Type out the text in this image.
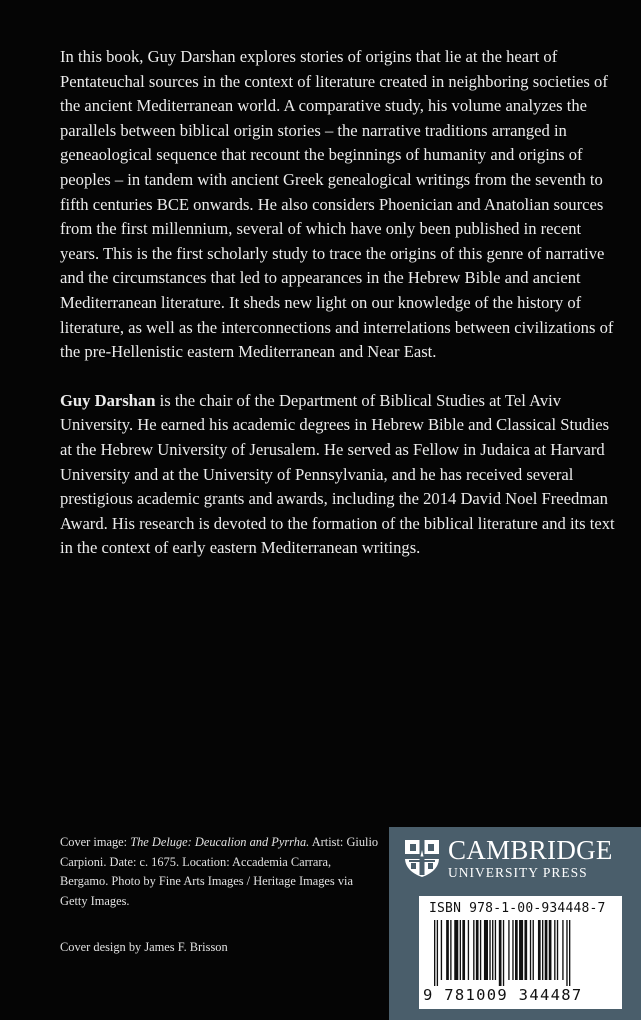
In this book, Guy Darshan explores stories of origins that lie at the heart of Pentateuchal sources in the context of literature created in neighboring societies of the ancient Mediterranean world. A comparative study, his volume analyzes the parallels between biblical origin stories – the narrative traditions arranged in geneaological sequence that recount the beginnings of humanity and origins of peoples – in tandem with ancient Greek genealogical writings from the seventh to fifth centuries BCE onwards. He also considers Phoenician and Anatolian sources from the first millennium, several of which have only been published in recent years. This is the first scholarly study to trace the origins of this genre of narrative and the circumstances that led to appearances in the Hebrew Bible and ancient Mediterranean literature. It sheds new light on our knowledge of the history of literature, as well as the interconnections and interrelations between civilizations of the pre-Hellenistic eastern Mediterranean and Near East.

Guy Darshan is the chair of the Department of Biblical Studies at Tel Aviv University. He earned his academic degrees in Hebrew Bible and Classical Studies at the Hebrew University of Jerusalem. He served as Fellow in Judaica at Harvard University and at the University of Pennsylvania, and he has received several prestigious academic grants and awards, including the 2014 David Noel Freedman Award. His research is devoted to the formation of the biblical literature and its text in the context of early eastern Mediterranean writings.

Cover image: The Deluge: Deucalion and Pyrrha. Artist: Giulio Carpioni. Date: c. 1675. Location: Accademia Carrara, Bergamo. Photo by Fine Arts Images / Heritage Images via Getty Images.
Cover design by James F. Brisson
CAMBRIDGE
UNIVERSITY PRESS
ISBN 978-1-00-934448-7
9 781009 344487
